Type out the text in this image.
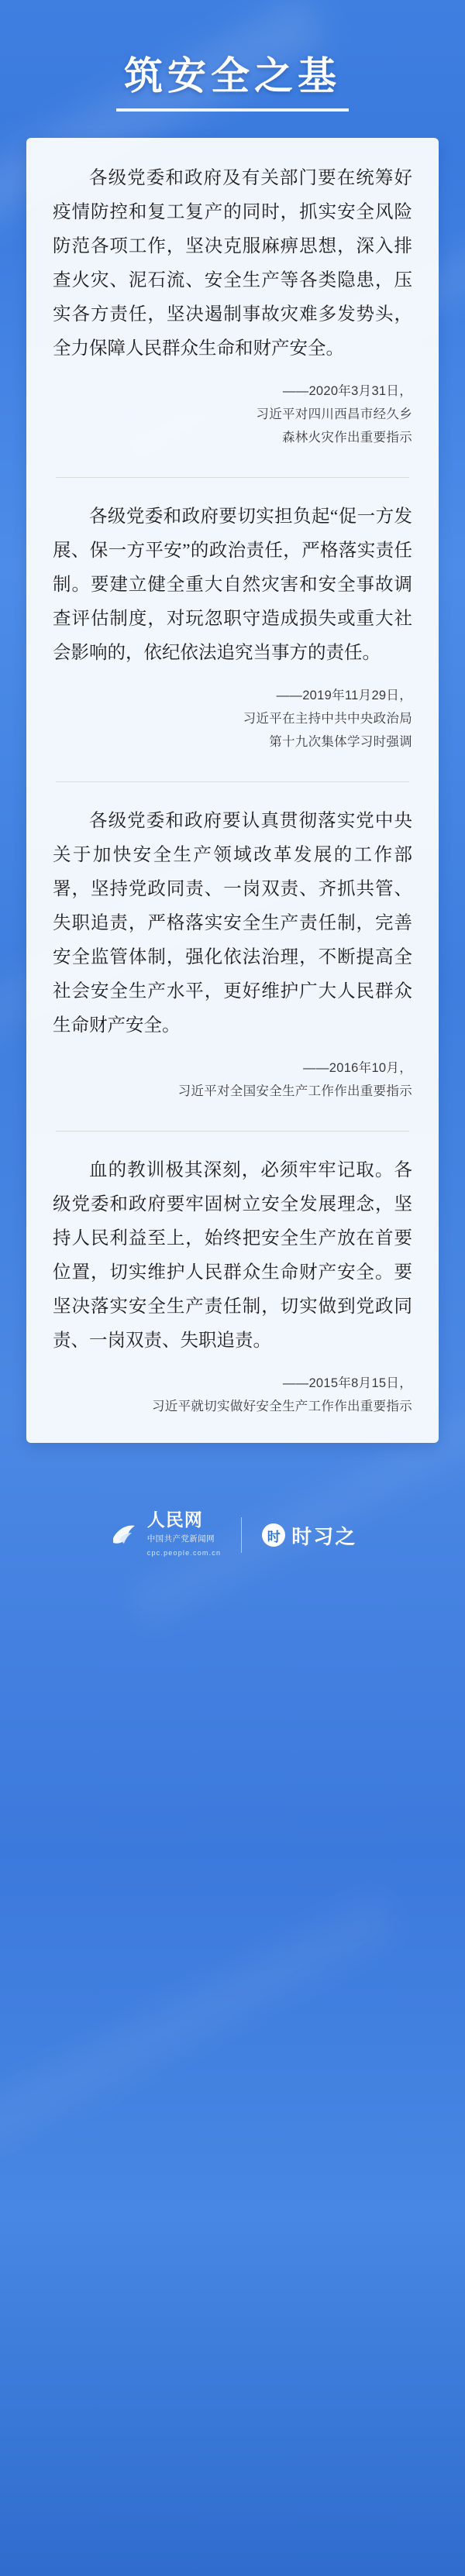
筑安全之基
各级党委和政府及有关部门要在统筹好疫情防控和复工复产的同时，抓实安全风险防范各项工作，坚决克服麻痹思想，深入排查火灾、泥石流、安全生产等各类隐患，压实各方责任，坚决遏制事故灾难多发势头，全力保障人民群众生命和财产安全。
——2020年3月31日，
习近平对四川西昌市经久乡
森林火灾作出重要指示
各级党委和政府要切实担负起“促一方发展、保一方平安”的政治责任，严格落实责任制。要建立健全重大自然灾害和安全事故调查评估制度，对玩忽职守造成损失或重大社会影响的，依纪依法追究当事方的责任。
——2019年11月29日，
习近平在主持中共中央政治局
第十九次集体学习时强调
各级党委和政府要认真贯彻落实党中央关于加快安全生产领域改革发展的工作部署，坚持党政同责、一岗双责、齐抓共管、失职追责，严格落实安全生产责任制，完善安全监管体制，强化依法治理，不断提高全社会安全生产水平，更好维护广大人民群众生命财产安全。
——2016年10月，
习近平对全国安全生产工作作出重要指示
血的教训极其深刻，必须牢牢记取。各级党委和政府要牢固树立安全发展理念，坚持人民利益至上，始终把安全生产放在首要位置，切实维护人民群众生命财产安全。要坚决落实安全生产责任制，切实做到党政同责、一岗双责、失职追责。
——2015年8月15日，
习近平就切实做好安全生产工作作出重要指示
人民网
中国共产党新闻网
cpc.people.com.cn
时 时习之
